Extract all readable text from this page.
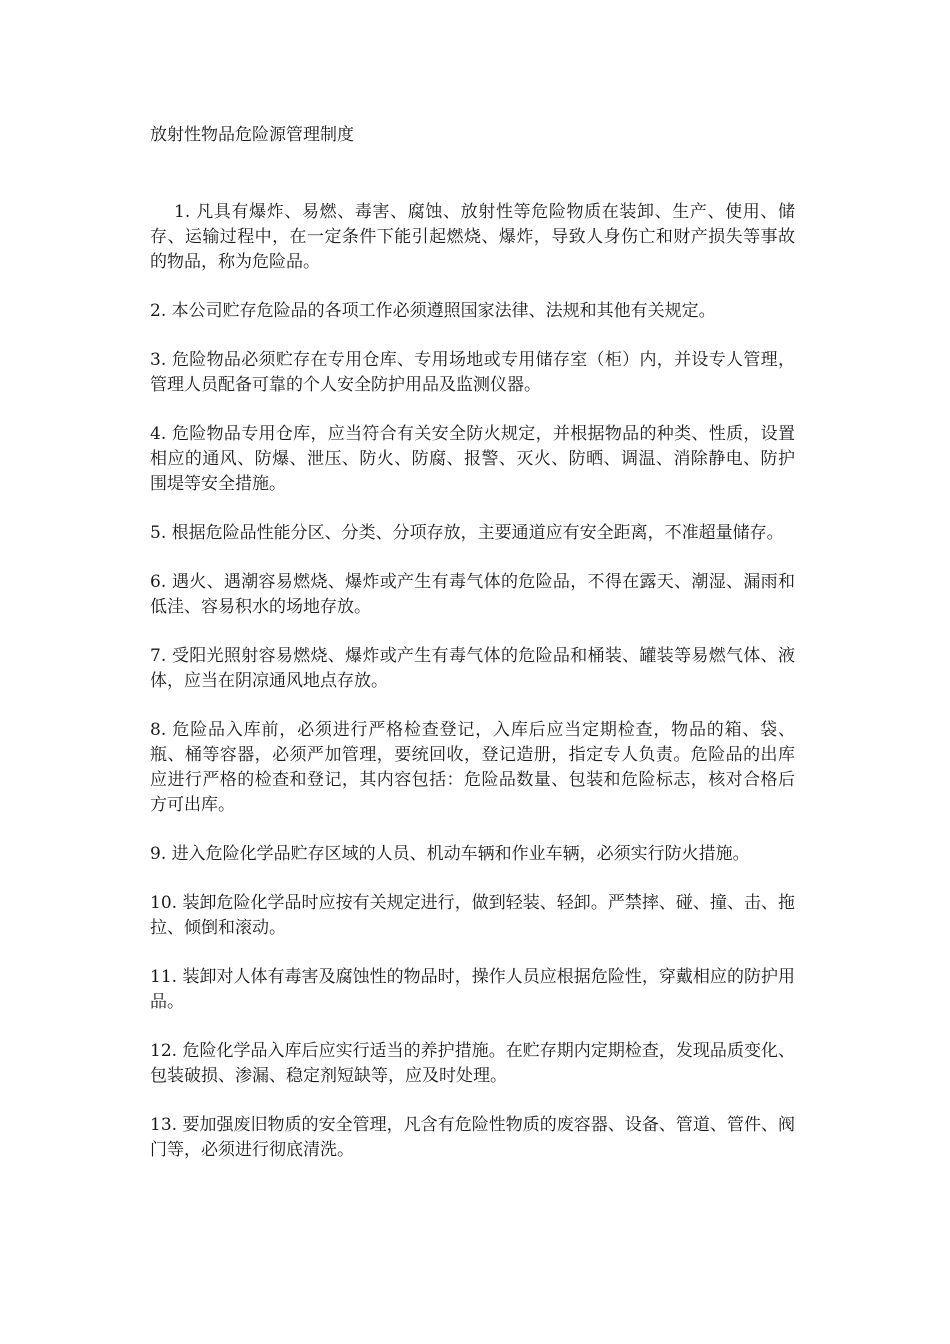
放射性物品危险源管理制度

1. 凡具有爆炸、易燃、毒害、腐蚀、放射性等危险物质在装卸、生产、使用、储存、运输过程中，在一定条件下能引起燃烧、爆炸，导致人身伤亡和财产损失等事故的物品，称为危险品。

2. 本公司贮存危险品的各项工作必须遵照国家法律、法规和其他有关规定。

3. 危险物品必须贮存在专用仓库、专用场地或专用储存室（柜）内，并设专人管理，管理人员配备可靠的个人安全防护用品及监测仪器。

4. 危险物品专用仓库，应当符合有关安全防火规定，并根据物品的种类、性质，设置相应的通风、防爆、泄压、防火、防腐、报警、灭火、防晒、调温、消除静电、防护围堤等安全措施。

5. 根据危险品性能分区、分类、分项存放，主要通道应有安全距离，不准超量储存。

6. 遇火、遇潮容易燃烧、爆炸或产生有毒气体的危险品，不得在露天、潮湿、漏雨和低洼、容易积水的场地存放。

7. 受阳光照射容易燃烧、爆炸或产生有毒气体的危险品和桶装、罐装等易燃气体、液体，应当在阴凉通风地点存放。

8. 危险品入库前，必须进行严格检查登记，入库后应当定期检查，物品的箱、袋、瓶、桶等容器，必须严加管理，要统回收，登记造册，指定专人负责。危险品的出库应进行严格的检查和登记，其内容包括：危险品数量、包装和危险标志，核对合格后方可出库。

9. 进入危险化学品贮存区域的人员、机动车辆和作业车辆，必须实行防火措施。

10. 装卸危险化学品时应按有关规定进行，做到轻装、轻卸。严禁摔、碰、撞、击、拖拉、倾倒和滚动。

11. 装卸对人体有毒害及腐蚀性的物品时，操作人员应根据危险性，穿戴相应的防护用品。

12. 危险化学品入库后应实行适当的养护措施。在贮存期内定期检查，发现品质变化、包装破损、渗漏、稳定剂短缺等，应及时处理。

13. 要加强废旧物质的安全管理，凡含有危险性物质的废容器、设备、管道、管件、阀门等，必须进行彻底清洗。
